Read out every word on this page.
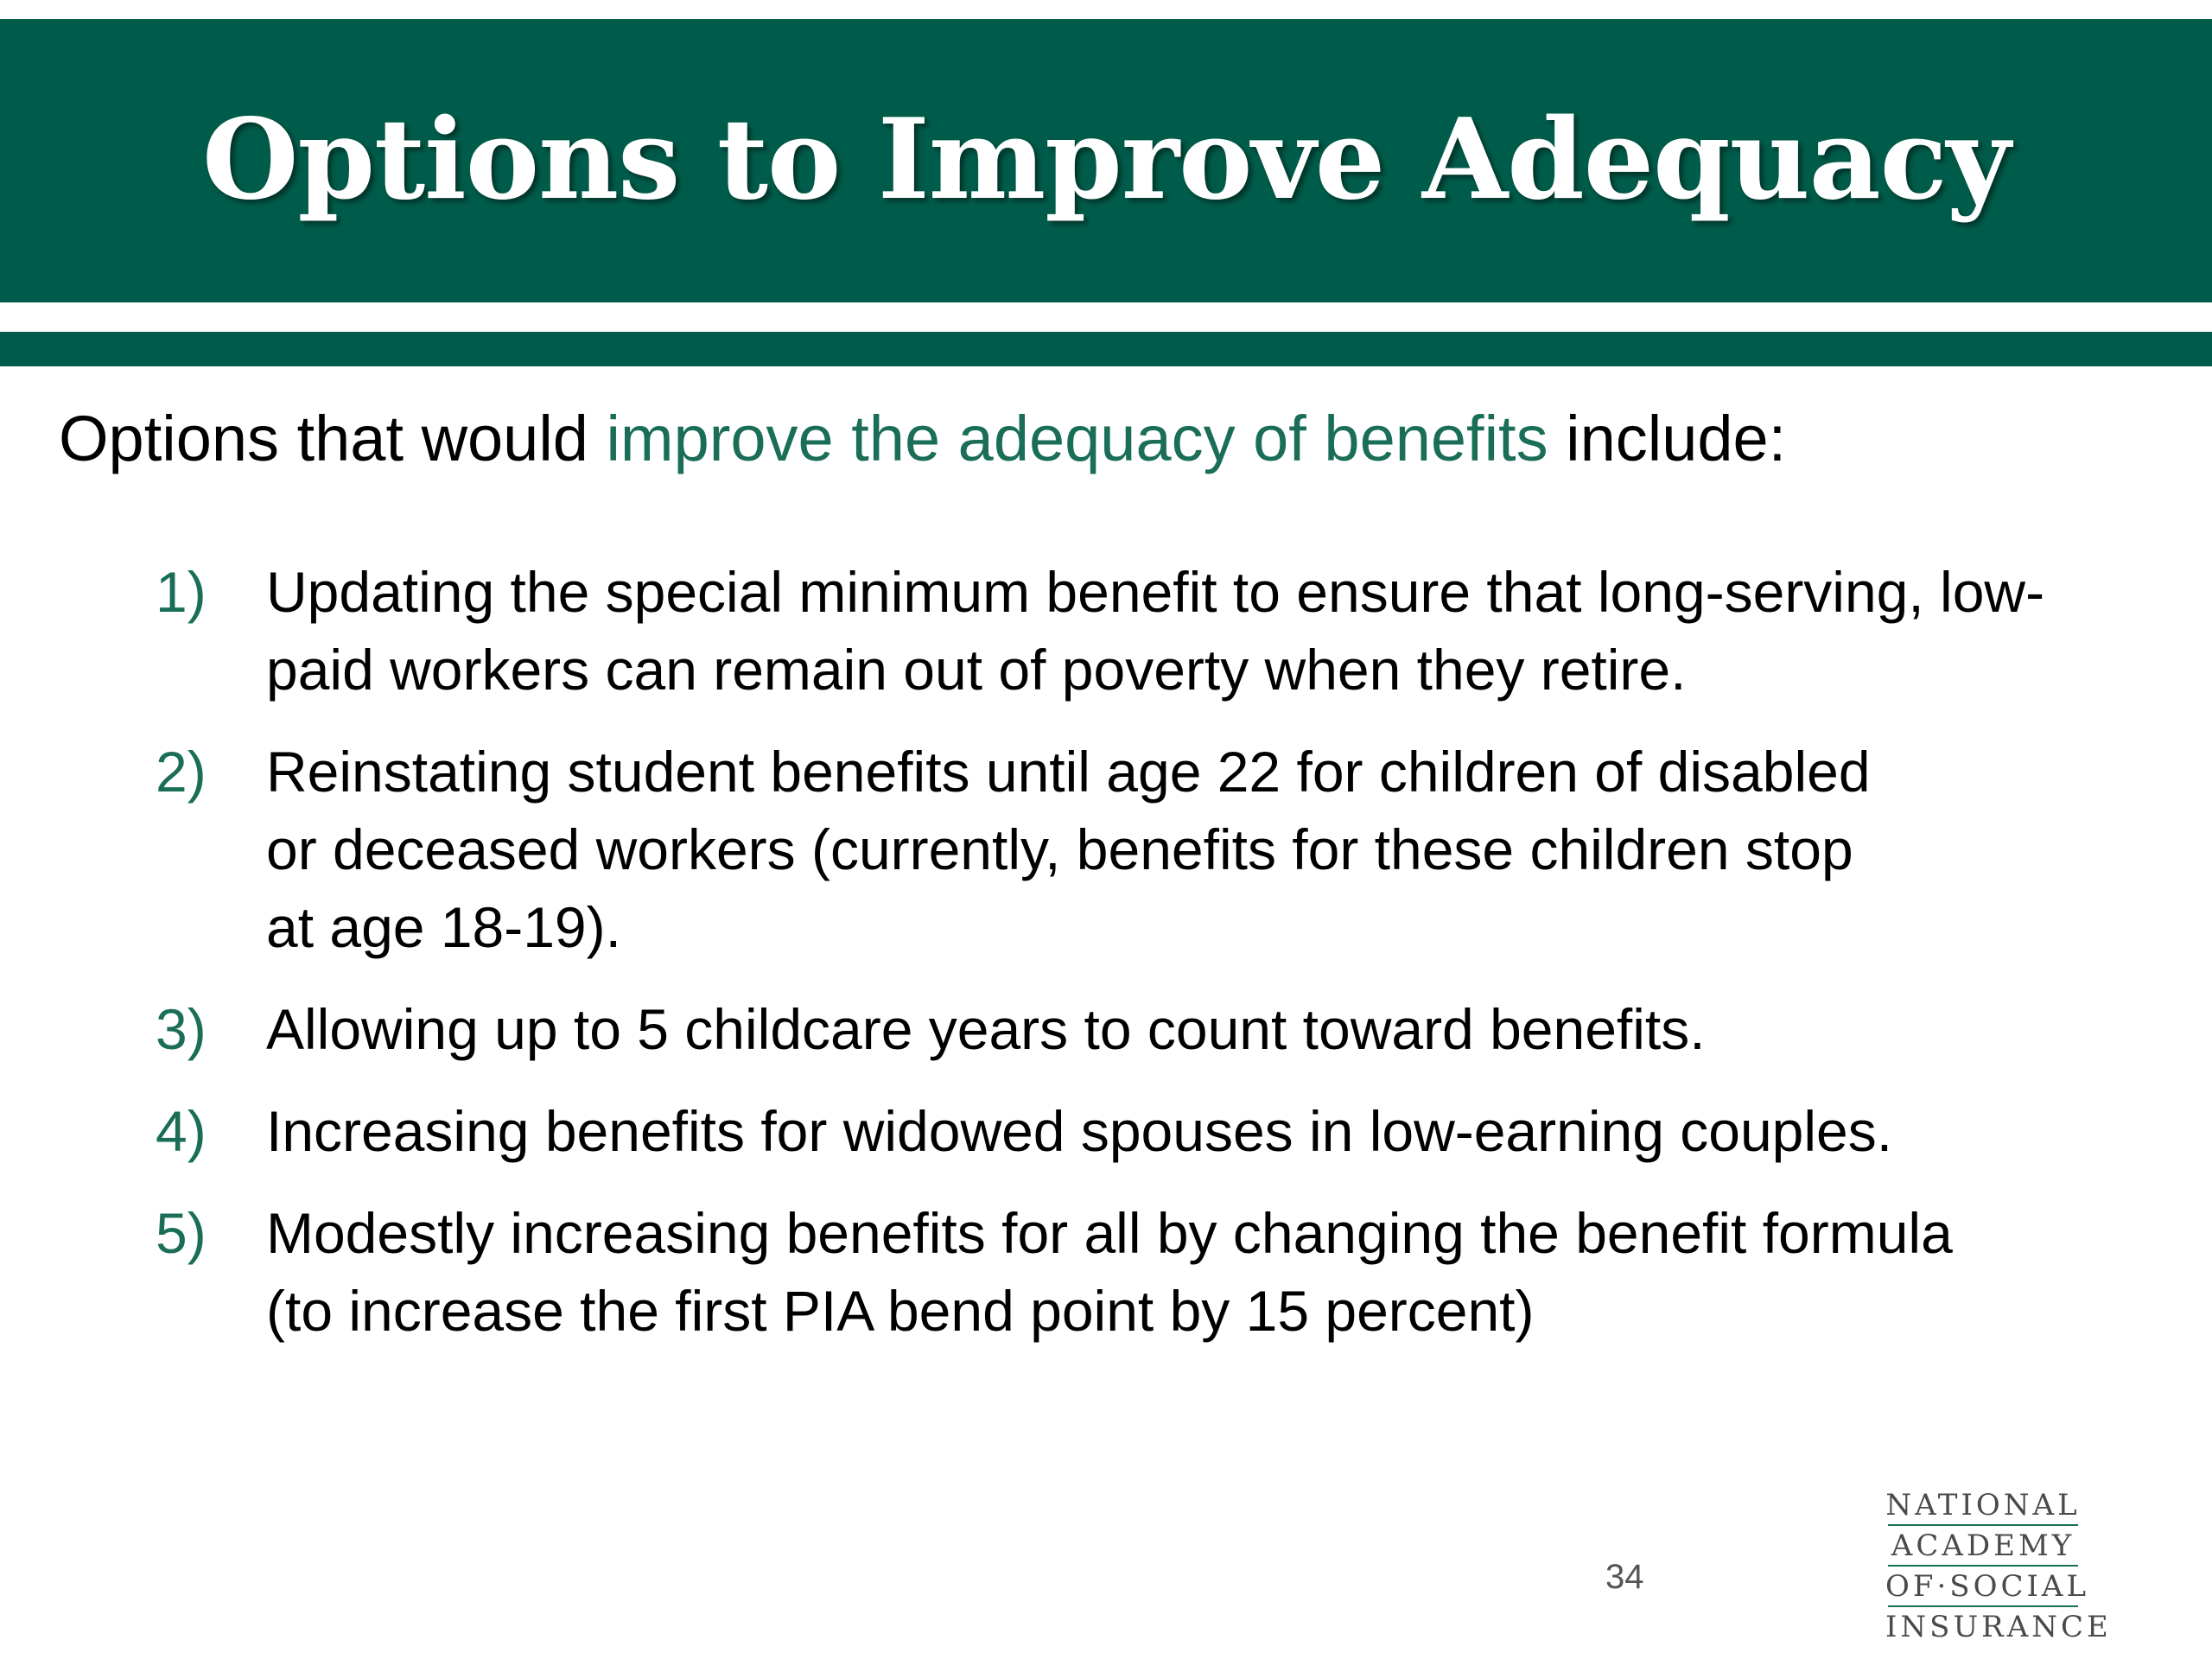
Options to Improve Adequacy
Options that would improve the adequacy of benefits include:
1) Updating the special minimum benefit to ensure that long-serving, low-paid workers can remain out of poverty when they retire.
2) Reinstating student benefits until age 22 for children of disabled or deceased workers (currently, benefits for these children stop at age 18-19).
3) Allowing up to 5 childcare years to count toward benefits.
4) Increasing benefits for widowed spouses in low-earning couples.
5) Modestly increasing benefits for all by changing the benefit formula (to increase the first PIA bend point by 15 percent)
34
NATIONAL
ACADEMY
OF·SOCIAL
INSURANCE
